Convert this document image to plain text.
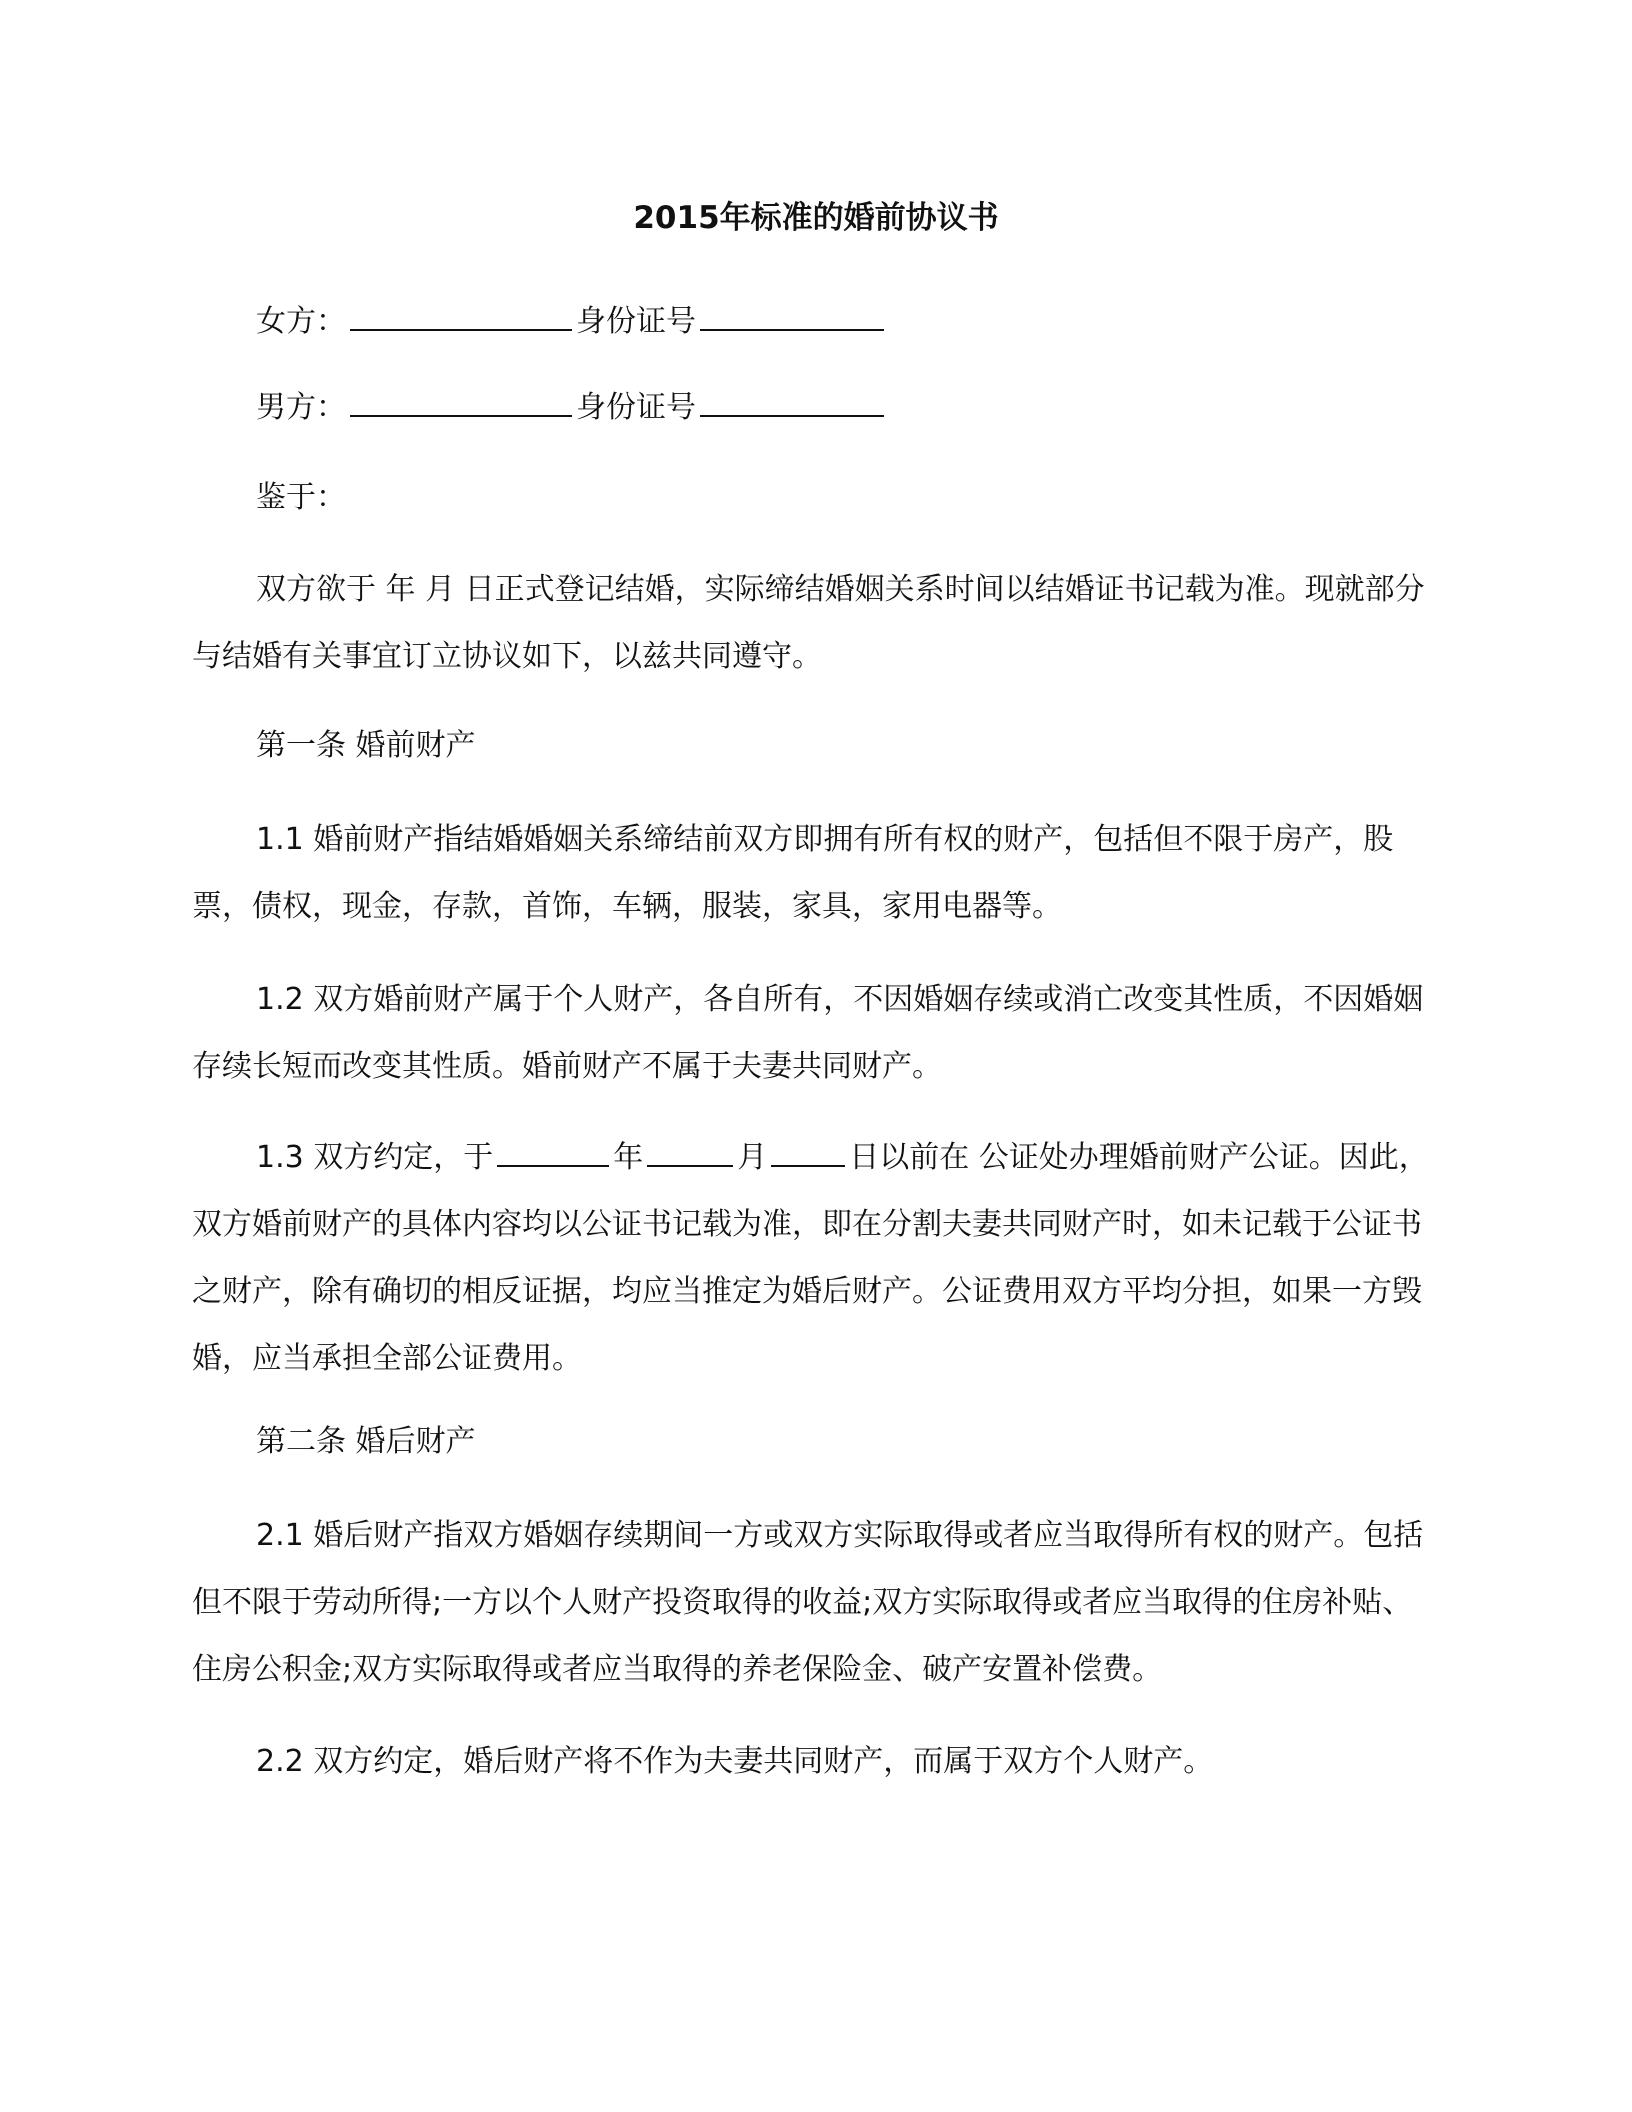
2015年标准的婚前协议书

女方：	身份证号

男方：	身份证号

鉴于：

双方欲于 年 月 日正式登记结婚，实际缔结婚姻关系时间以结婚证书记载为准。现就部分与结婚有关事宜订立协议如下，以兹共同遵守。

第一条 婚前财产

1.1 婚前财产指结婚婚姻关系缔结前双方即拥有所有权的财产，包括但不限于房产，股票，债权，现金，存款，首饰，车辆，服装，家具，家用电器等。

1.2 双方婚前财产属于个人财产，各自所有，不因婚姻存续或消亡改变其性质，不因婚姻存续长短而改变其性质。婚前财产不属于夫妻共同财产。

1.3 双方约定，于	年	月	日以前在 公证处办理婚前财产公证。因此，双方婚前财产的具体内容均以公证书记载为准，即在分割夫妻共同财产时，如未记载于公证书之财产，除有确切的相反证据，均应当推定为婚后财产。公证费用双方平均分担，如果一方毁婚，应当承担全部公证费用。

第二条 婚后财产

2.1 婚后财产指双方婚姻存续期间一方或双方实际取得或者应当取得所有权的财产。包括但不限于劳动所得;一方以个人财产投资取得的收益;双方实际取得或者应当取得的住房补贴、住房公积金;双方实际取得或者应当取得的养老保险金、破产安置补偿费。

2.2 双方约定，婚后财产将不作为夫妻共同财产，而属于双方个人财产。
